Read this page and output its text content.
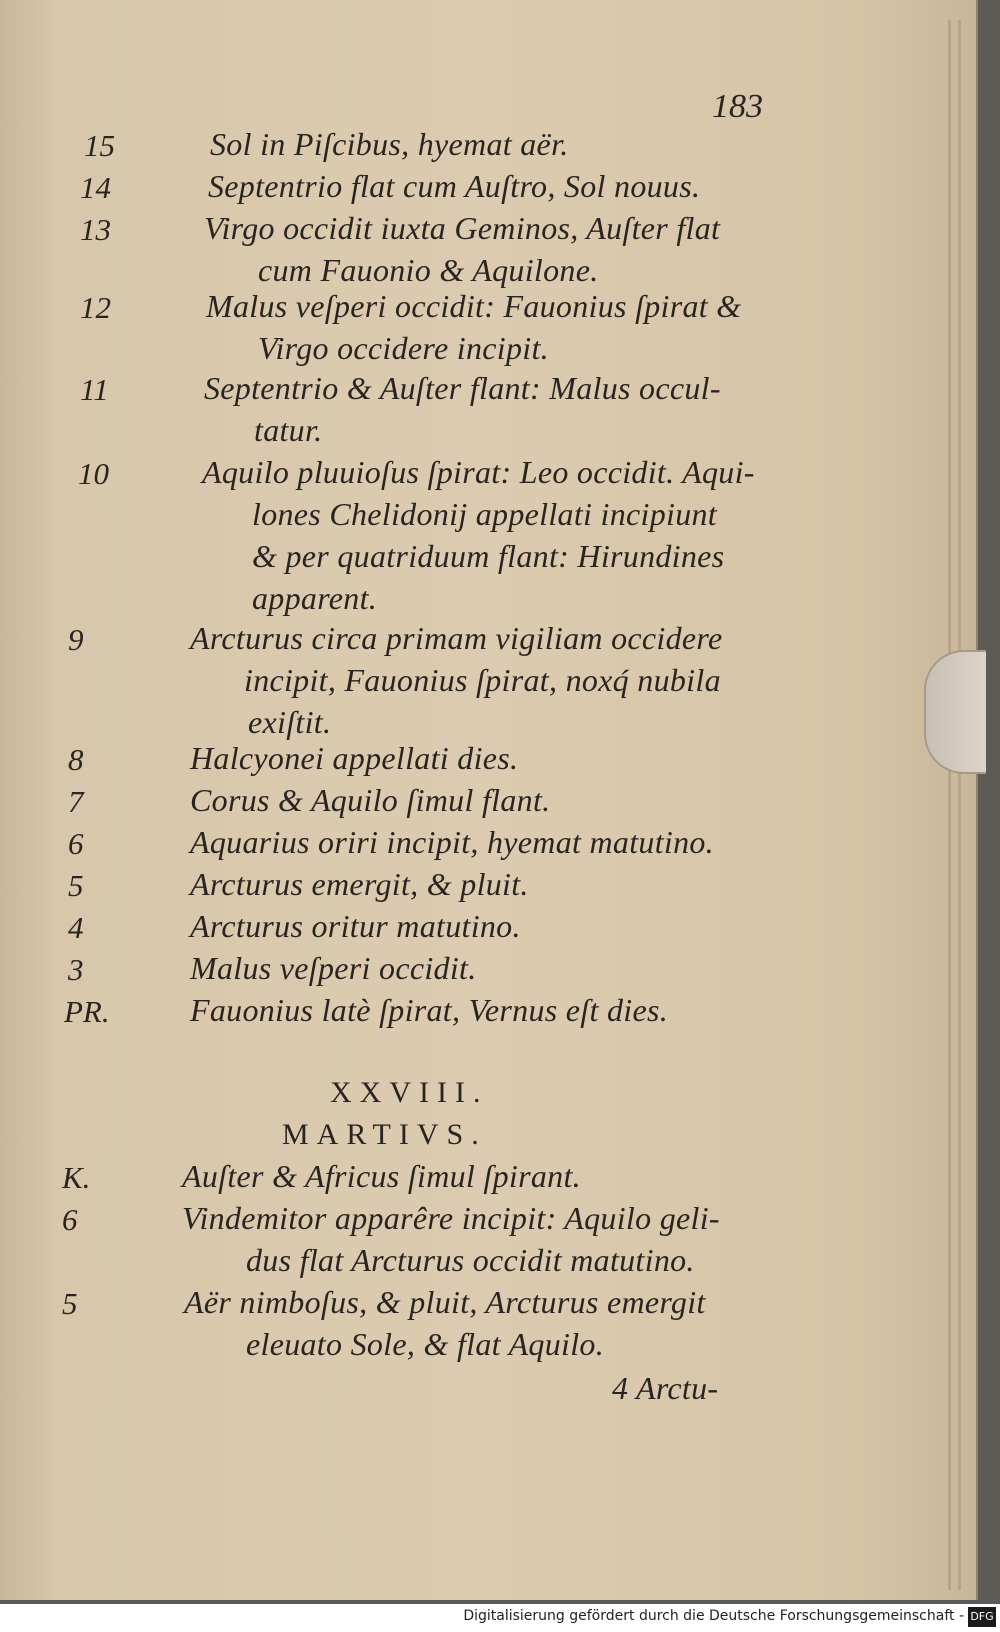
183
15	Sol in Piſcibus, hyemat aër.
14	Septentrio flat cum Auſtro, Sol nouus.
13	Virgo occidit iuxta Geminos, Auſter flat
cum Fauonio & Aquilone.
12	Malus veſperi occidit: Fauonius ſpirat &
Virgo occidere incipit.
11	Septentrio & Auſter flant: Malus occul-
tatur.
10	Aquilo pluuioſus ſpirat: Leo occidit. Aqui-
lones Chelidonij appellati incipiunt
& per quatriduum flant: Hirundines
apparent.
9	Arcturus circa primam vigiliam occidere
incipit, Fauonius ſpirat, noxq́ nubila
exiſtit.
8	Halcyonei appellati dies.
7	Corus & Aquilo ſimul flant.
6	Aquarius oriri incipit, hyemat matutino.
5	Arcturus emergit, & pluit.
4	Arcturus oritur matutino.
3	Malus veſperi occidit.
PR.	Fauonius latè ſpirat, Vernus eſt dies.
XXVIII.
MARTIVS.
K.	Auſter & Africus ſimul ſpirant.
6	Vindemitor apparêre incipit: Aquilo geli-
dus flat Arcturus occidit matutino.
5	Aër nimboſus, & pluit, Arcturus emergit
eleuato Sole, & flat Aquilo.
4 Arctu-
Digitalisierung gefördert durch die Deutsche Forschungsgemeinschaft - DFG
